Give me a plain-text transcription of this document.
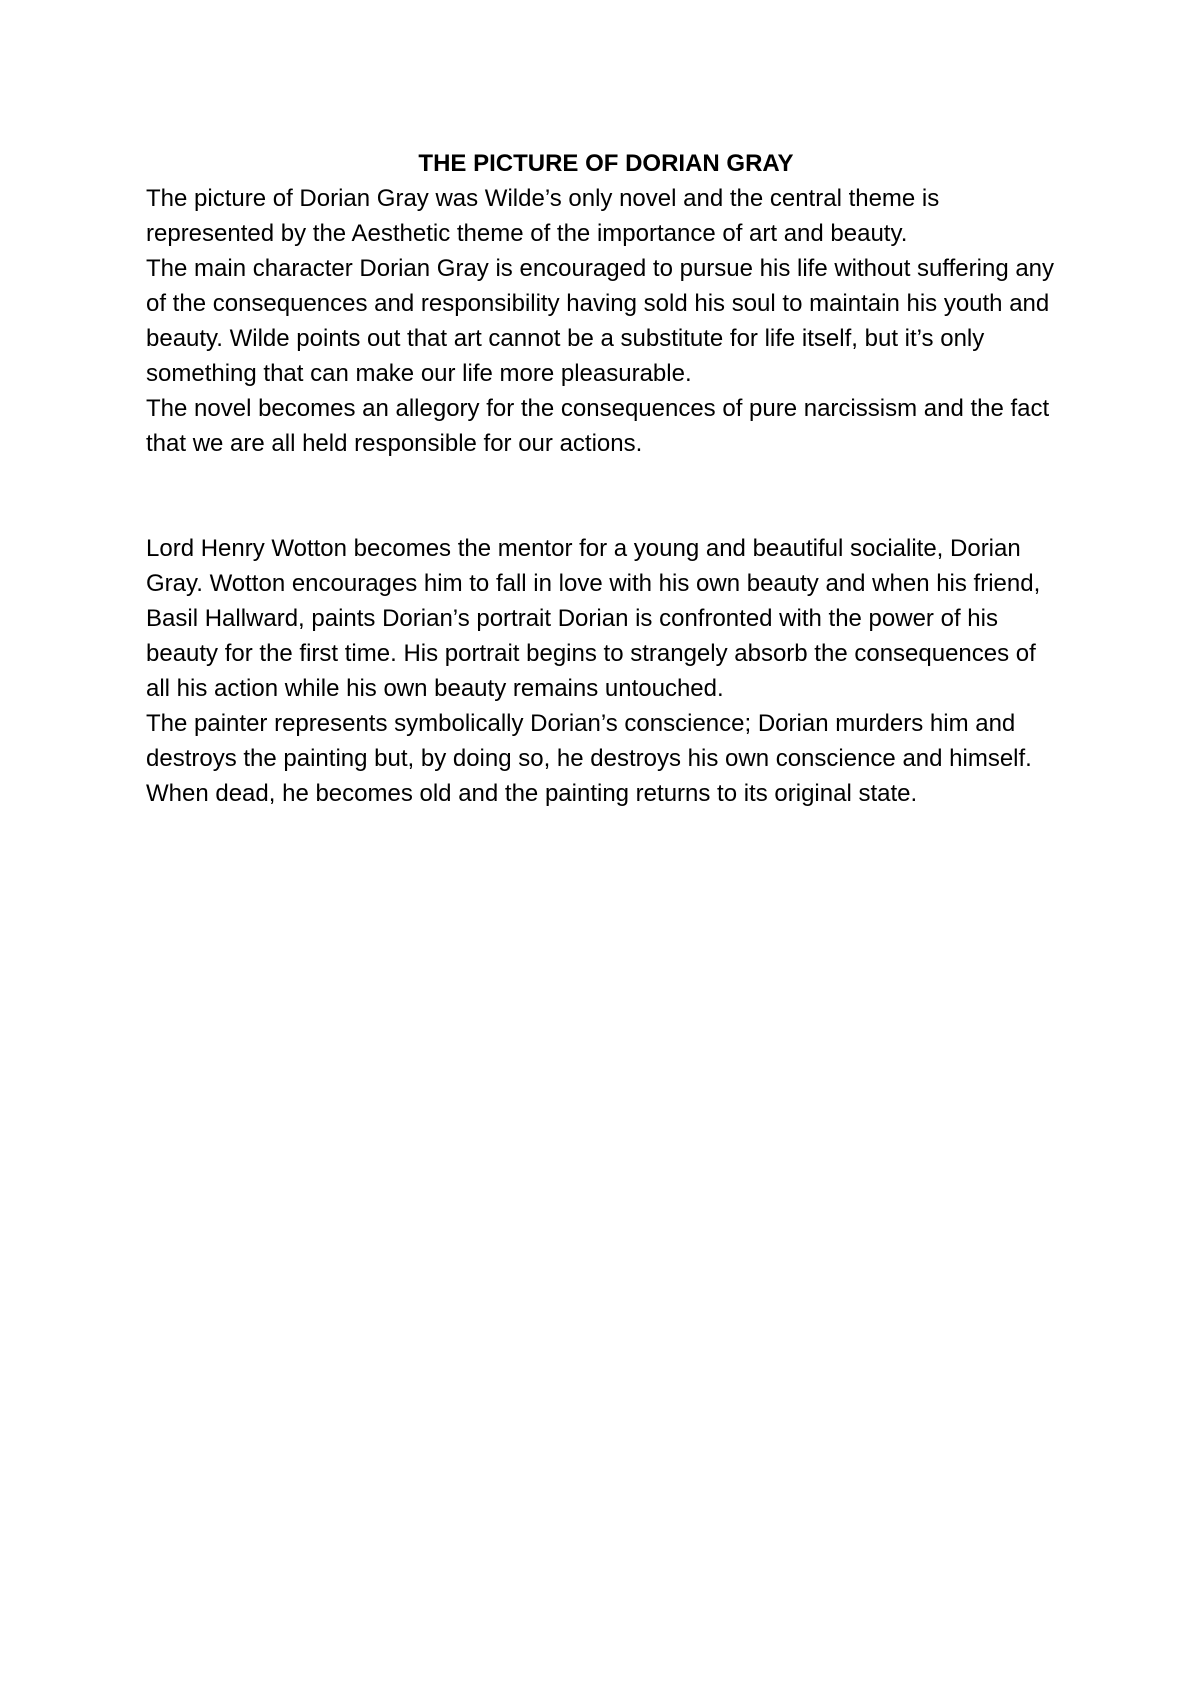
THE PICTURE OF DORIAN GRAY

The picture of Dorian Gray was Wilde’s only novel and the central theme is represented by the Aesthetic theme of the importance of art and beauty.

The main character Dorian Gray is encouraged to pursue his life without suffering any of the consequences and responsibility having sold his soul to maintain his youth and beauty. Wilde points out that art cannot be a substitute for life itself, but it’s only something that can make our life more pleasurable.

The novel becomes an allegory for the consequences of pure narcissism and the fact that we are all held responsible for our actions.

Lord Henry Wotton becomes the mentor for a young and beautiful socialite, Dorian Gray. Wotton encourages him to fall in love with his own beauty and when his friend, Basil Hallward, paints Dorian’s portrait Dorian is confronted with the power of his beauty for the first time. His portrait begins to strangely absorb the consequences of all his action while his own beauty remains untouched.

The painter represents symbolically Dorian’s conscience; Dorian murders him and destroys the painting but, by doing so, he destroys his own conscience and himself. When dead, he becomes old and the painting returns to its original state.
